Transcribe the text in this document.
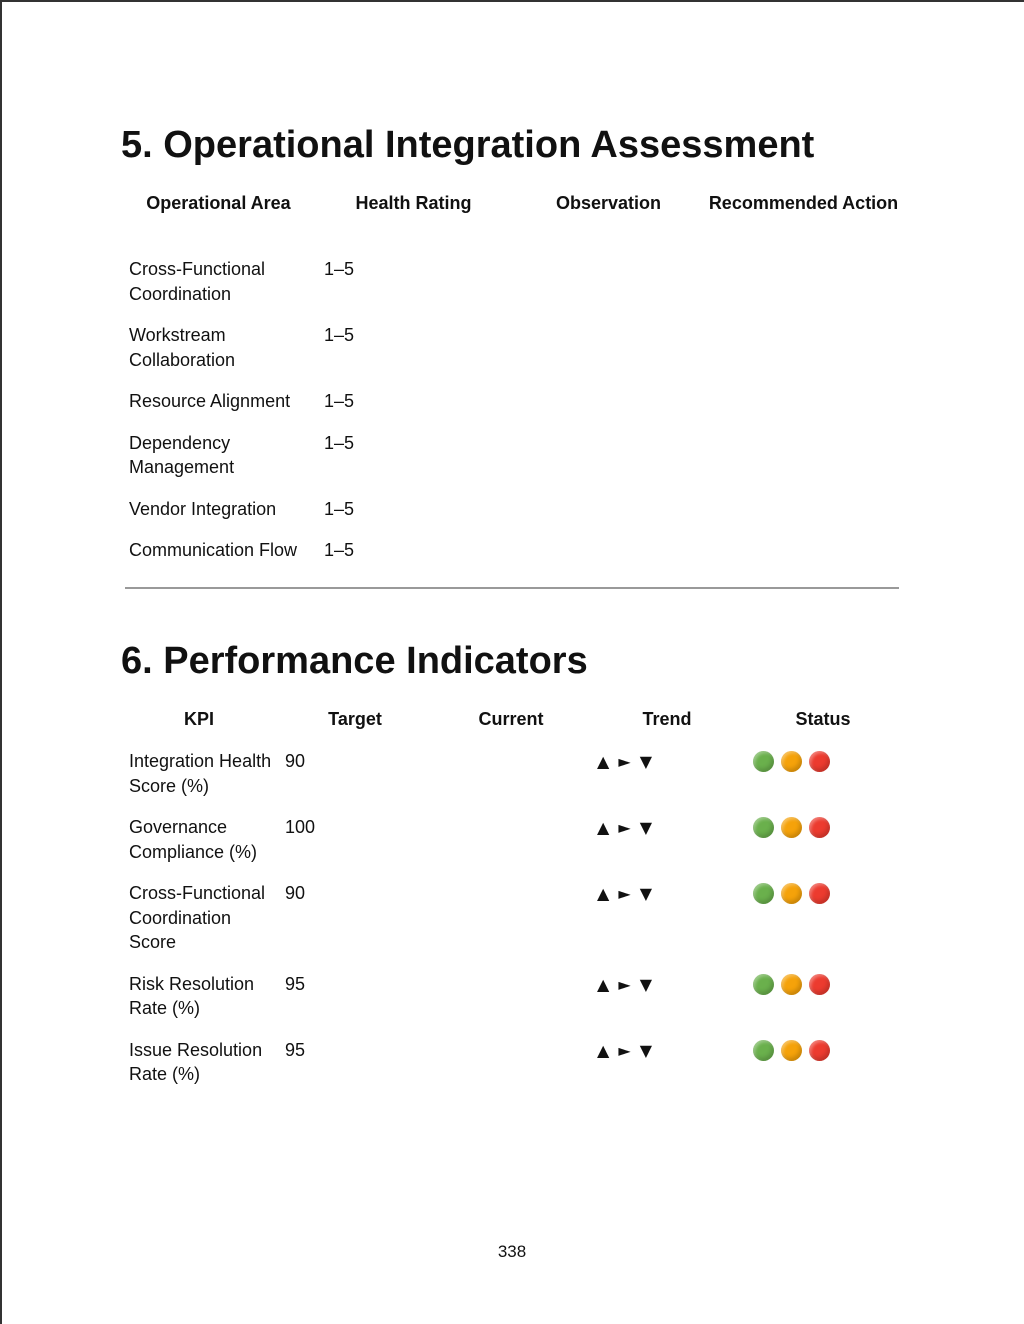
5. Operational Integration Assessment
Operational Area	Health Rating	Observation	Recommended Action
Cross-Functional Coordination	1–5		
Workstream Collaboration	1–5		
Resource Alignment	1–5		
Dependency Management	1–5		
Vendor Integration	1–5		
Communication Flow	1–5		
6. Performance Indicators
KPI	Target	Current	Trend	Status
Integration Health Score (%)	90		▲ ► ▼	

Governance Compliance (%)	100		▲ ► ▼	

Cross-Functional Coordination Score	90		▲ ► ▼	

Risk Resolution Rate (%)	95		▲ ► ▼	

Issue Resolution Rate (%)	95		▲ ► ▼	
338
